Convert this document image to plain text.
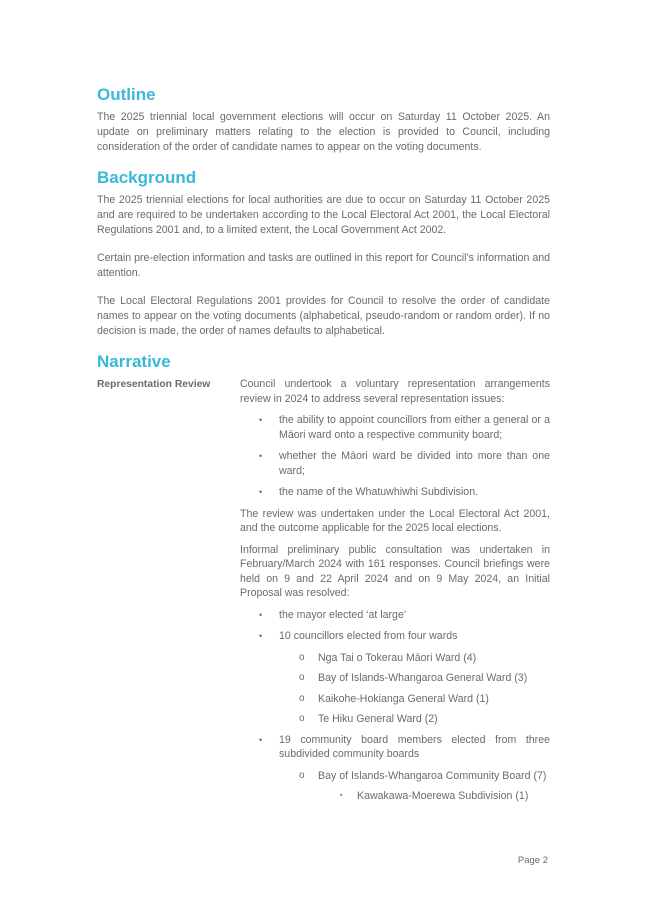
Outline

The 2025 triennial local government elections will occur on Saturday 11 October 2025. An update on preliminary matters relating to the election is provided to Council, including consideration of the order of candidate names to appear on the voting documents.

Background

The 2025 triennial elections for local authorities are due to occur on Saturday 11 October 2025 and are required to be undertaken according to the Local Electoral Act 2001, the Local Electoral Regulations 2001 and, to a limited extent, the Local Government Act 2002.

Certain pre-election information and tasks are outlined in this report for Council’s information and attention.

The Local Electoral Regulations 2001 provides for Council to resolve the order of candidate names to appear on the voting documents (alphabetical, pseudo-random or random order). If no decision is made, the order of names defaults to alphabetical.

Narrative
Representation Review	Council undertook a voluntary representation arrangements review in 2024 to address several representation issues:

• the ability to appoint councillors from either a general or a Māori ward onto a respective community board;
• whether the Māori ward be divided into more than one ward;
• the name of the Whatuwhiwhi Subdivision.

The review was undertaken under the Local Electoral Act 2001, and the outcome applicable for the 2025 local elections.

Informal preliminary public consultation was undertaken in February/March 2024 with 161 responses. Council briefings were held on 9 and 22 April 2024 and on 9 May 2024, an Initial Proposal was resolved:

• the mayor elected ‘at large’
• 10 councillors elected from four wards
o Nga Tai o Tokerau Māori Ward (4)
o Bay of Islands-Whangaroa General Ward (3)
o Kaikohe-Hokianga General Ward (1)
o Te Hiku General Ward (2)
• 19 community board members elected from three subdivided community boards
o Bay of Islands-Whangaroa Community Board (7)
▪ Kawakawa-Moerewa Subdivision (1)
Page 2
